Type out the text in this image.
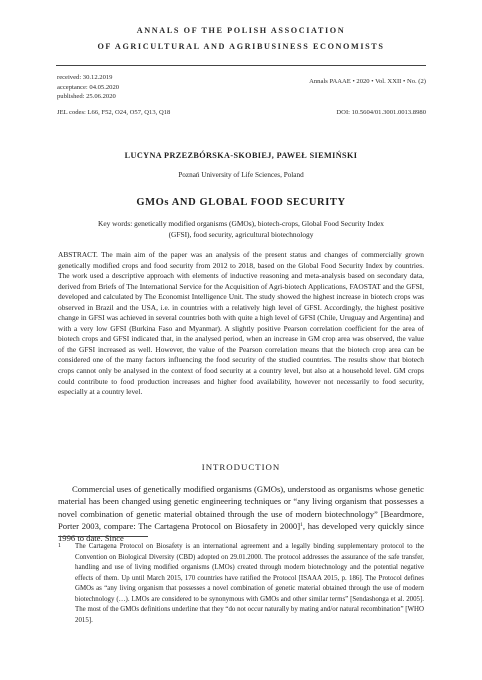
ANNALS OF THE POLISH ASSOCIATION
OF AGRICULTURAL AND AGRIBUSINESS ECONOMISTS
received: 30.12.2019
acceptance: 04.05.2020
published: 25.06.2020
JEL codes: L66, F52, O24, O57, Q13, Q18
Annals PAAAE • 2020 • Vol. XXII • No. (2)
DOI: 10.5604/01.3001.0013.8980
LUCYNA PRZEZBÓRSKA-SKOBIEJ, PAWEŁ SIEMIŃSKI
Poznań University of Life Sciences, Poland
GMOs AND GLOBAL FOOD SECURITY
Key words: genetically modified organisms (GMOs), biotech-crops, Global Food Security Index
(GFSI), food security, agricultural biotechnology

ABSTRACT. The main aim of the paper was an analysis of the present status and changes of commercially grown genetically modified crops and food security from 2012 to 2018, based on the Global Food Security Index by countries. The work used a descriptive approach with elements of inductive reasoning and meta-analysis based on secondary data, derived from Briefs of The International Service for the Acquisition of Agri-biotech Applications, FAOSTAT and the GFSI, developed and calculated by The Economist Intelligence Unit. The study showed the highest increase in biotech crops was observed in Brazil and the USA, i.e. in countries with a relatively high level of GFSI. Accordingly, the highest positive change in GFSI was achieved in several countries both with quite a high level of GFSI (Chile, Uruguay and Argentina) and with a very low GFSI (Burkina Faso and Myanmar). A slightly positive Pearson correlation coefficient for the area of biotech crops and GFSI indicated that, in the analysed period, when an increase in GM crop area was observed, the value of the GFSI increased as well. However, the value of the Pearson correlation means that the biotech crop area can be considered one of the many factors influencing the food security of the studied countries. The results show that biotech crops cannot only be analysed in the context of food security at a country level, but also at a household level. GM crops could contribute to food production increases and higher food availability, however not necessarily to food security, especially at a country level.

INTRODUCTION

Commercial uses of genetically modified organisms (GMOs), understood as organisms whose genetic material has been changed using genetic engineering techniques or “any living organism that possesses a novel combination of genetic material obtained through the use of modern biotechnology” [Beardmore, Porter 2003, compare: The Cartagena Protocol on Biosafety in 2000]$^1$, has developed very quickly since 1996 to date. Since

1 The Cartagena Protocol on Biosafety is an international agreement and a legally binding supplementary protocol to the Convention on Biological Diversity (CBD) adopted on 29.01.2000. The protocol addresses the assurance of the safe transfer, handling and use of living modified organisms (LMOs) created through modern biotechnology and the potential negative effects of them. Up until March 2015, 170 countries have ratified the Protocol [ISAAA 2015, p. 186]. The Protocol defines GMOs as “any living organism that possesses a novel combination of genetic material obtained through the use of modern biotechnology (…). LMOs are considered to be synonymous with GMOs and other similar terms” [Sendashonga et al. 2005]. The most of the GMOs definitions underline that they “do not occur naturally by mating and/or natural recombination” [WHO 2015].
